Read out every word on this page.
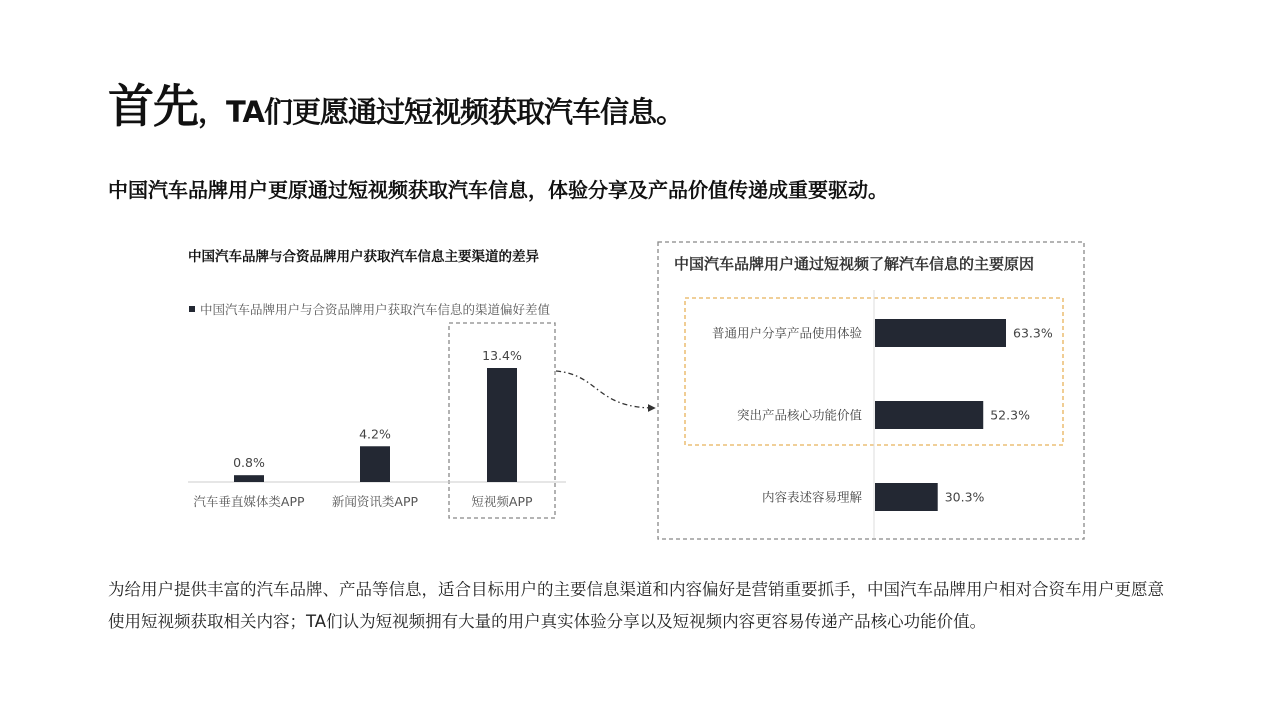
首先，TA们更愿通过短视频获取汽车信息。
中国汽车品牌用户更原通过短视频获取汽车信息，体验分享及产品价值传递成重要驱动。
中国汽车品牌与合资品牌用户获取汽车信息主要渠道的差异
中国汽车品牌用户与合资品牌用户获取汽车信息的渠道偏好差值
0.8%
汽车垂直媒体类APP
4.2%
新闻资讯类APP
13.4%
短视频APP
中国汽车品牌用户通过短视频了解汽车信息的主要原因
63.3%
普通用户分享产品使用体验
52.3%
突出产品核心功能价值
30.3%
内容表述容易理解
为给用户提供丰富的汽车品牌、产品等信息，适合目标用户的主要信息渠道和内容偏好是营销重要抓手，中国汽车品牌用户相对合资车用户更愿意使用短视频获取相关内容；TA们认为短视频拥有大量的用户真实体验分享以及短视频内容更容易传递产品核心功能价值。
